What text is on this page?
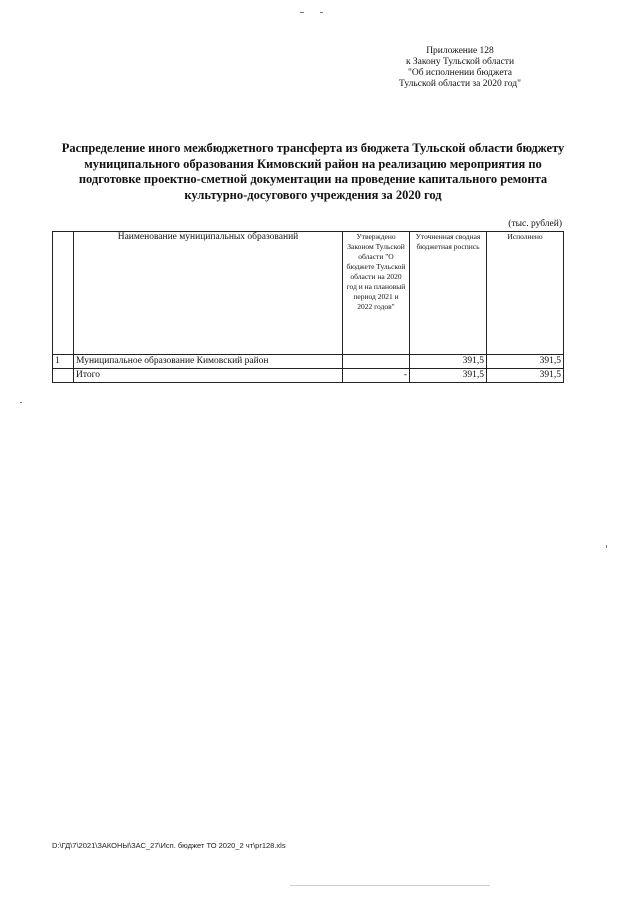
Приложение 128
к Закону Тульской области
"Об исполнении бюджета
Тульской области за 2020 год"
Распределение иного межбюджетного трансферта из бюджета Тульской области бюджету
муниципального образования Кимовский район на реализацию мероприятия по
подготовке проектно-сметной документации на проведение капитального ремонта
культурно-досугового учреждения за 2020 год
(тыс. рублей)
	Наименование муниципальных образований	Утверждено Законом Тульской области "О бюджете Тульской области на 2020 год и на плановый период 2021 и 2022 годов"	Уточненная сводная бюджетная роспись	Исполнено
1	Муниципальное образование Кимовский район		391,5	391,5
	Итого	-	391,5	391,5
D:\ГД\7\2021\ЗАКОНЫ\ЗАС_27\Исп. бюджет ТО 2020_2 чт\pr128.xls
